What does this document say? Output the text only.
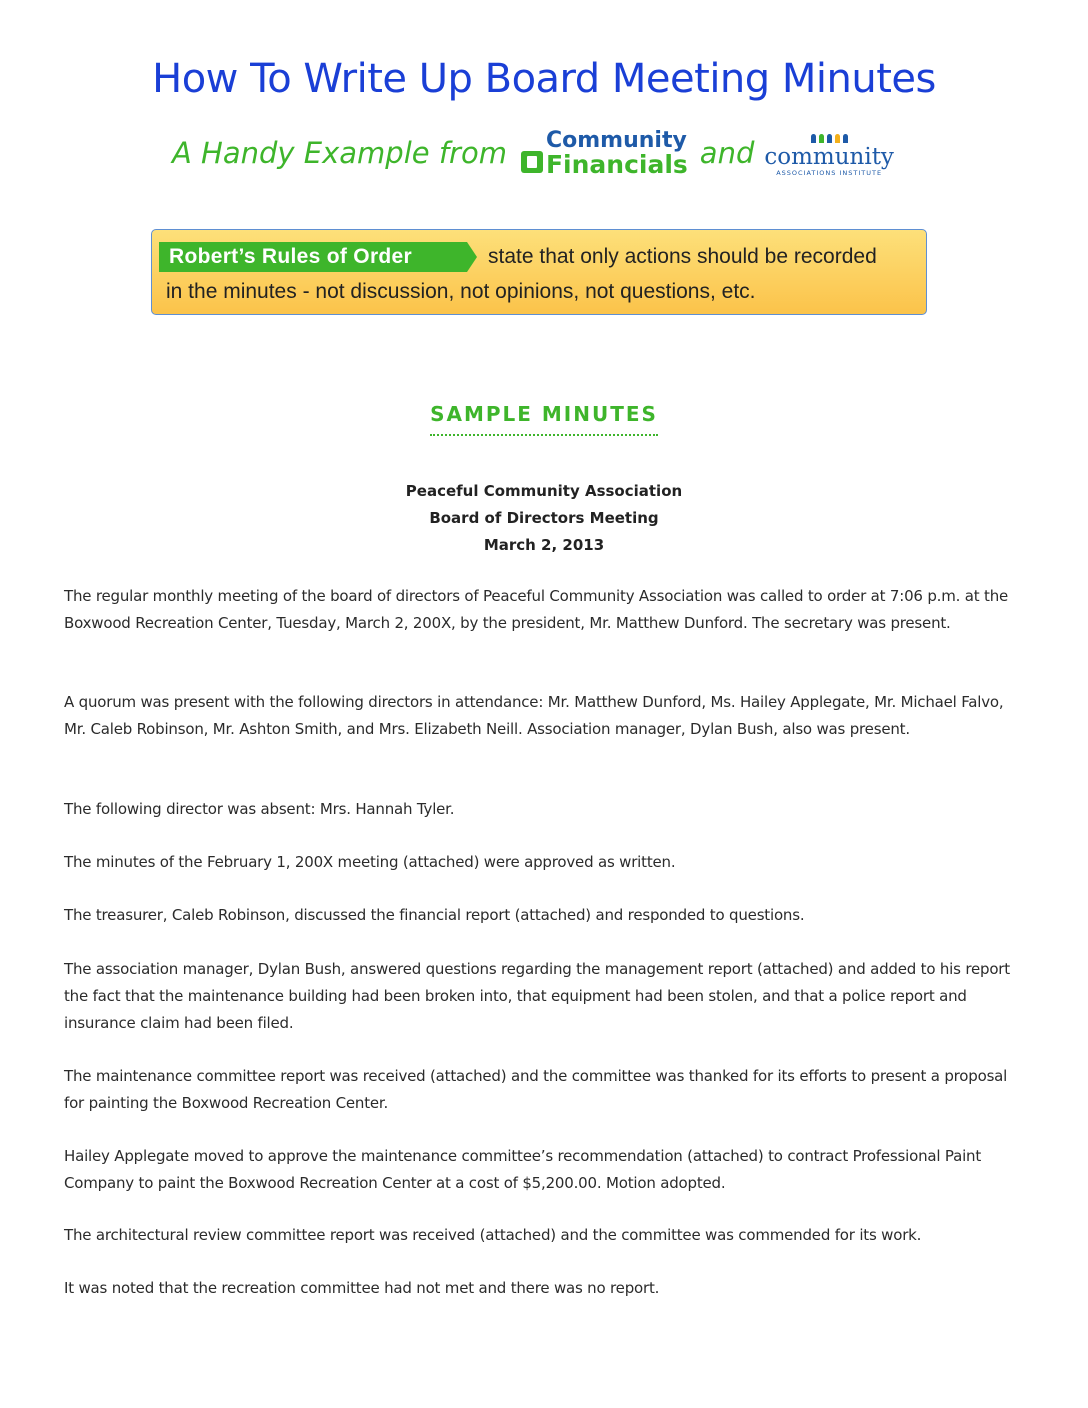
How To Write Up Board Meeting Minutes
A Handy Example from Community
Financials and community
ASSOCIATIONS INSTITUTE
Robert’s Rules of Order	state that only actions should be recorded
in the minutes - not discussion, not opinions, not questions, etc.
SAMPLE MINUTES
Peaceful Community Association
Board of Directors Meeting
March 2, 2013

The regular monthly meeting of the board of directors of Peaceful Community Association was called to order at 7:06 p.m. at the Boxwood Recreation Center, Tuesday, March 2, 200X, by the president, Mr. Matthew Dunford. The secretary was present.

A quorum was present with the following directors in attendance: Mr. Matthew Dunford, Ms. Hailey Applegate, Mr. Michael Falvo, Mr. Caleb Robinson, Mr. Ashton Smith, and Mrs. Elizabeth Neill. Association manager, Dylan Bush, also was present.

The following director was absent: Mrs. Hannah Tyler.

The minutes of the February 1, 200X meeting (attached) were approved as written.

The treasurer, Caleb Robinson, discussed the financial report (attached) and responded to questions.

The association manager, Dylan Bush, answered questions regarding the management report (attached) and added to his report the fact that the maintenance building had been broken into, that equipment had been stolen, and that a police report and insurance claim had been filed.

The maintenance committee report was received (attached) and the committee was thanked for its efforts to present a proposal for painting the Boxwood Recreation Center.

Hailey Applegate moved to approve the maintenance committee’s recommendation (attached) to contract Professional Paint Company to paint the Boxwood Recreation Center at a cost of $5,200.00. Motion adopted.

The architectural review committee report was received (attached) and the committee was commended for its work.

It was noted that the recreation committee had not met and there was no report.
